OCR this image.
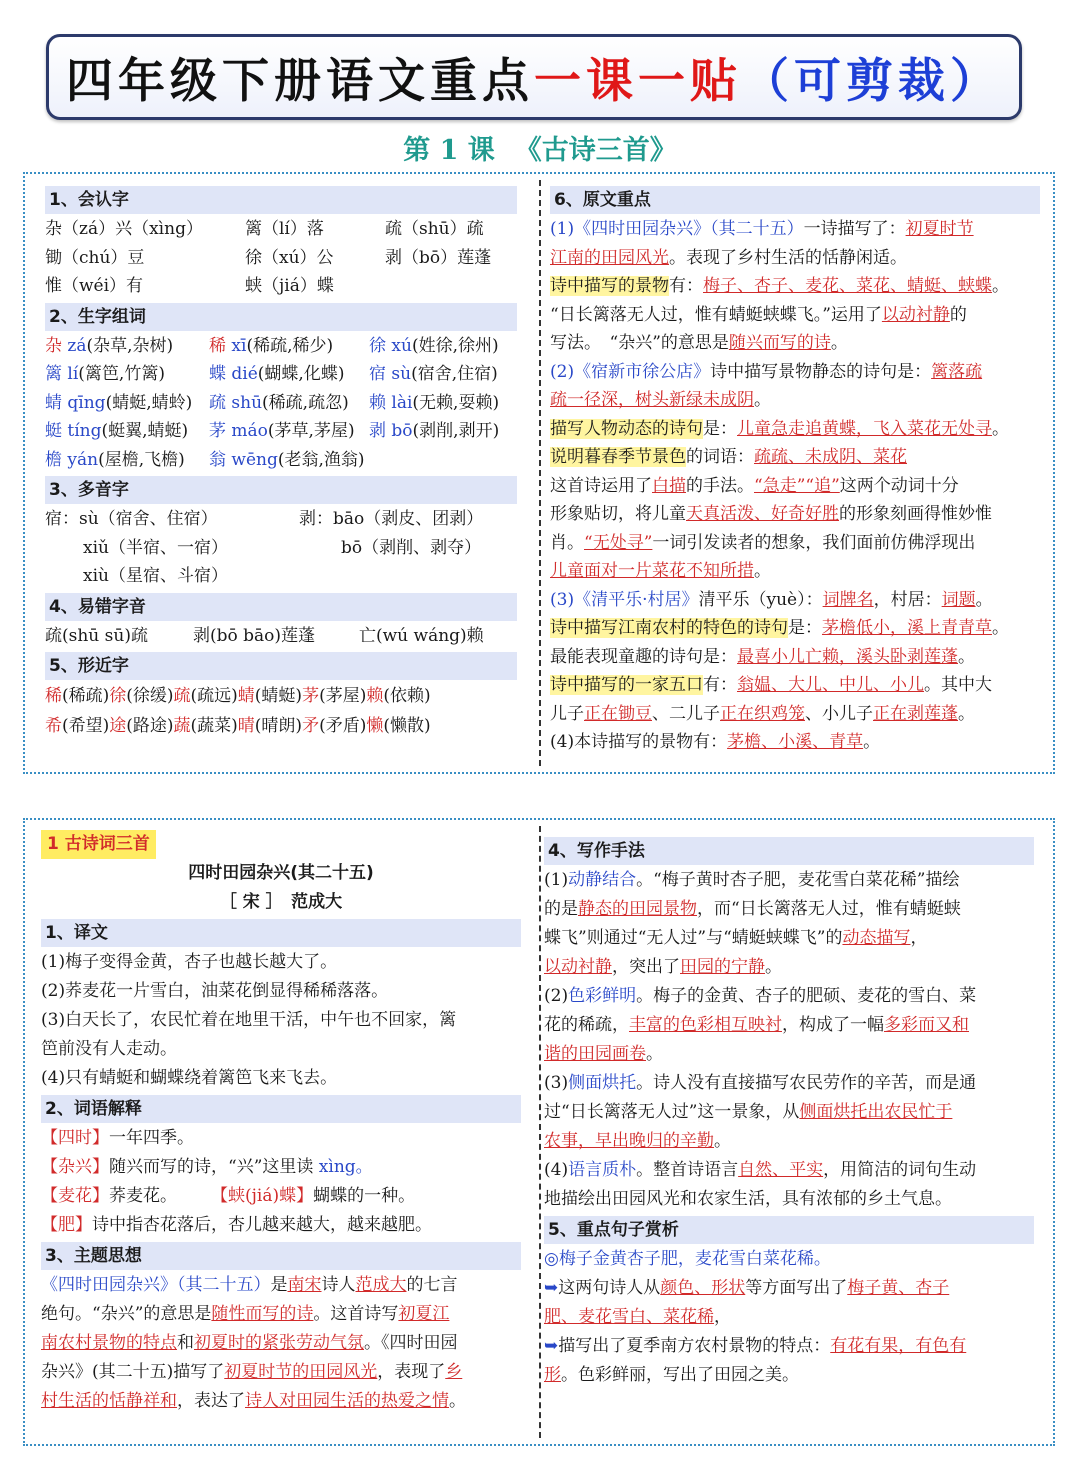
四年级下册语文重点 一课一贴 （可剪裁）
第 1 课 《古诗三首》
1、会认字
杂（zá）兴（xìng）	篱（lí）落	疏（shū）疏
锄（chú）豆	徐（xú）公	剥（bō）莲蓬
惟（wéi）有	蛱（jiá）蝶
2、生字组词
杂 zá(杂草,杂树)	稀 xī(稀疏,稀少)	徐 xú(姓徐,徐州)
篱 lí(篱笆,竹篱)	蝶 dié(蝴蝶,化蝶)	宿 sù(宿舍,住宿)
蜻 qīng(蜻蜓,蜻蛉) 疏 shū(稀疏,疏忽)	赖 lài(无赖,耍赖)
蜓 tíng(蜓翼,蜻蜓)	茅 máo(茅草,茅屋) 剥 bō(剥削,剥开)
檐 yán(屋檐,飞檐)	翁 wēng(老翁,渔翁)
3、多音字
宿：sù（宿舍、住宿）	剥：bāo（剥皮、团剥）
xiǔ（半宿、一宿）	bō（剥削、剥夺）
xiù（星宿、斗宿）
4、易错字音
疏(shū sū)疏	剥(bō bāo)莲蓬	亡(wú wáng)赖
5、形近字
稀(稀疏)徐(徐缓)疏(疏远)蜻(蜻蜓)茅(茅屋)赖(依赖)
希(希望)途(路途)蔬(蔬菜)晴(晴朗)矛(矛盾)懒(懒散)
6、原文重点
(1)《四时田园杂兴》（其二十五）一诗描写了：初夏时节
江南的田园风光。表现了乡村生活的恬静闲适。
诗中描写的景物有：梅子、杏子、麦花、菜花、蜻蜓、蛱蝶。
“日长篱落无人过，惟有蜻蜓蛱蝶飞。”运用了以动衬静的
写法。　“杂兴”的意思是随兴而写的诗。
(2)《宿新市徐公店》诗中描写景物静态的诗句是：篱落疏
疏一径深，树头新绿未成阴。
描写人物动态的诗句是：儿童急走追黄蝶，飞入菜花无处寻。
说明暮春季节景色的词语：疏疏、未成阴、菜花
这首诗运用了白描的手法。“急走”“追”这两个动词十分
形象贴切，将儿童天真活泼、好奇好胜的形象刻画得惟妙惟
肖。“无处寻”一词引发读者的想象，我们面前仿佛浮现出
儿童面对一片菜花不知所措。
(3)《清平乐·村居》清平乐（yuè）：词牌名，村居：词题。
诗中描写江南农村的特色的诗句是：茅檐低小，溪上青青草。
最能表现童趣的诗句是：最喜小儿亡赖，溪头卧剥莲蓬。
诗中描写的一家五口有：翁媪、大儿、中儿、小儿。其中大
儿子正在锄豆、二儿子正在织鸡笼、小儿子正在剥莲蓬。
(4)本诗描写的景物有：茅檐、小溪、青草。
1 古诗词三首
四时田园杂兴(其二十五)
［ 宋 ］　范成大
1、译文
(1)梅子变得金黄，杏子也越长越大了。
(2)荞麦花一片雪白，油菜花倒显得稀稀落落。
(3)白天长了，农民忙着在地里干活，中午也不回家，篱
笆前没有人走动。
(4)只有蜻蜓和蝴蝶绕着篱笆飞来飞去。
2、词语解释
【四时】一年四季。
【杂兴】随兴而写的诗，“兴”这里读 xìng。
【麦花】荞麦花。　　　	【蛱(jiá)蝶】蝴蝶的一种。
【肥】诗中指杏花落后，杏儿越来越大，越来越肥。
3、主题思想
《四时田园杂兴》（其二十五）是南宋诗人范成大的七言
绝句。“杂兴”的意思是随性而写的诗。这首诗写初夏江
南农村景物的特点和初夏时的紧张劳动气氛。《四时田园
杂兴》(其二十五)描写了初夏时节的田园风光，表现了乡
村生活的恬静祥和，表达了诗人对田园生活的热爱之情。
4、写作手法
(1)动静结合。“梅子黄时杏子肥，麦花雪白菜花稀”描绘
的是静态的田园景物，而“日长篱落无人过，惟有蜻蜓蛱
蝶飞”则通过“无人过”与“蜻蜓蛱蝶飞”的动态描写，
以动衬静，突出了田园的宁静。
(2)色彩鲜明。梅子的金黄、杏子的肥硕、麦花的雪白、菜
花的稀疏，丰富的色彩相互映衬，构成了一幅多彩而又和
谐的田园画卷。
(3)侧面烘托。诗人没有直接描写农民劳作的辛苦，而是通
过“日长篱落无人过”这一景象，从侧面烘托出农民忙于
农事，早出晚归的辛勤。
(4)语言质朴。整首诗语言自然、平实，用简洁的词句生动
地描绘出田园风光和农家生活，具有浓郁的乡土气息。
5、重点句子赏析
◎梅子金黄杏子肥，麦花雪白菜花稀。
➥这两句诗人从颜色、形状等方面写出了梅子黄、杏子
肥、麦花雪白、菜花稀，
➥描写出了夏季南方农村景物的特点：有花有果，有色有
形。色彩鲜丽，写出了田园之美。
